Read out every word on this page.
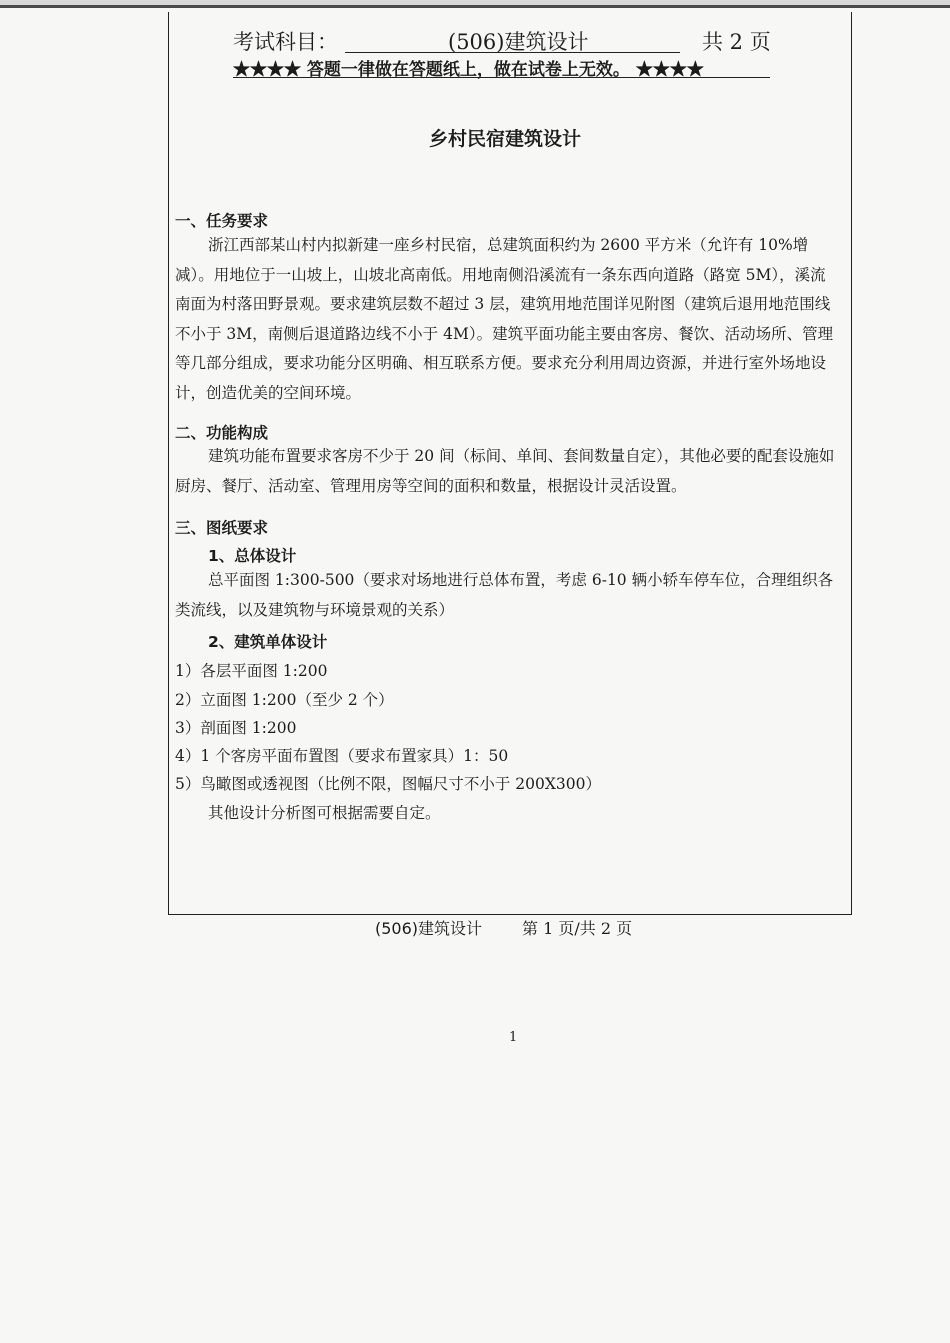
考试科目：	(506)建筑设计	共 2 页
★★★★ 答题一律做在答题纸上，做在试卷上无效。 ★★★★
乡村民宿建筑设计
一、任务要求
浙江西部某山村内拟新建一座乡村民宿，总建筑面积约为 2600 平方米（允许有 10%增减）。用地位于一山坡上，山坡北高南低。用地南侧沿溪流有一条东西向道路（路宽 5M），溪流南面为村落田野景观。要求建筑层数不超过 3 层，建筑用地范围详见附图（建筑后退用地范围线不小于 3M，南侧后退道路边线不小于 4M）。建筑平面功能主要由客房、餐饮、活动场所、管理等几部分组成，要求功能分区明确、相互联系方便。要求充分利用周边资源，并进行室外场地设计，创造优美的空间环境。
二、功能构成
建筑功能布置要求客房不少于 20 间（标间、单间、套间数量自定），其他必要的配套设施如厨房、餐厅、活动室、管理用房等空间的面积和数量，根据设计灵活设置。
三、图纸要求
1、总体设计
总平面图 1:300-500（要求对场地进行总体布置，考虑 6-10 辆小轿车停车位，合理组织各类流线，以及建筑物与环境景观的关系）
2、建筑单体设计
1）各层平面图 1:200
2）立面图 1:200（至少 2 个）
3）剖面图 1:200
4）1 个客房平面布置图（要求布置家具）1：50
5）鸟瞰图或透视图（比例不限，图幅尺寸不小于 200X300）
其他设计分析图可根据需要自定。
(506)建筑设计 第 1 页/共 2 页
1
